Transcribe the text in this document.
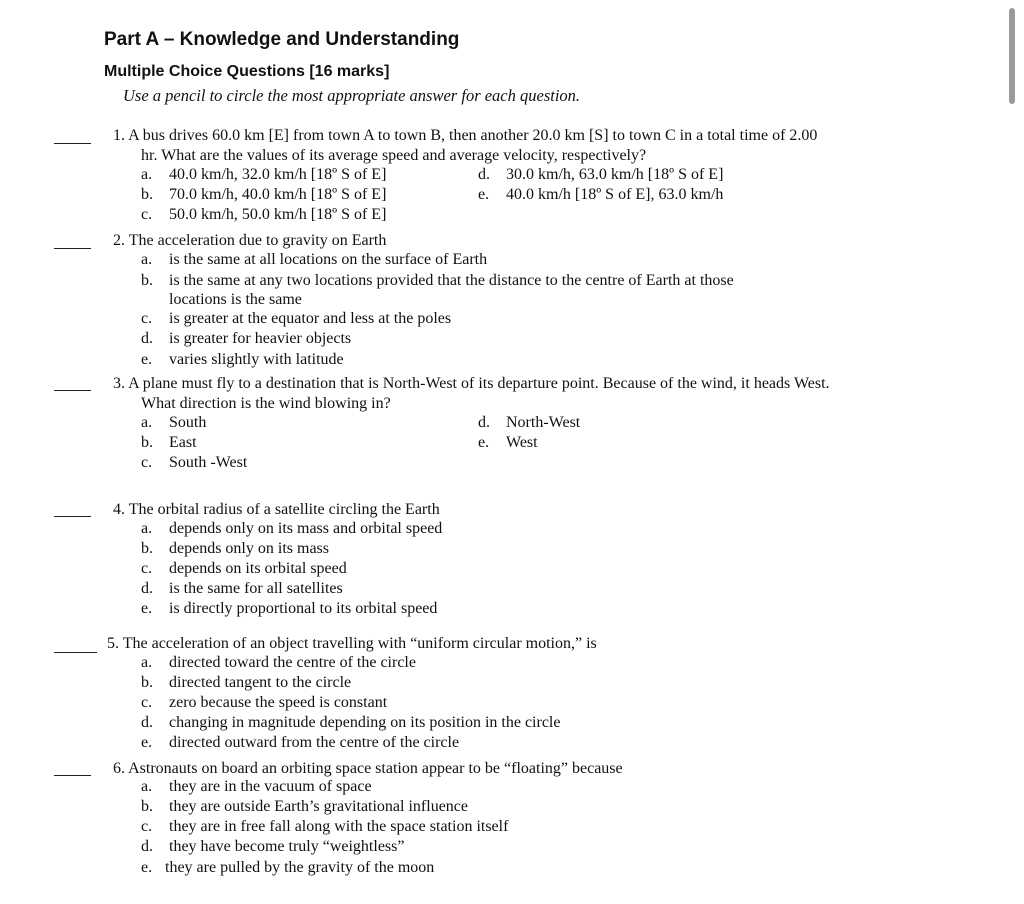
Part A – Knowledge and Understanding
Multiple Choice Questions [16 marks]
Use a pencil to circle the most appropriate answer for each question.
1. A bus drives 60.0 km [E] from town A to town B, then another 20.0 km [S] to town C in a total time of 2.00
hr. What are the values of its average speed and average velocity, respectively?
a. 40.0 km/h, 32.0 km/h [18º S of E]
b. 70.0 km/h, 40.0 km/h [18º S of E]
c. 50.0 km/h, 50.0 km/h [18º S of E]
d. 30.0 km/h, 63.0 km/h [18º S of E]
e. 40.0 km/h [18º S of E], 63.0 km/h
2. The acceleration due to gravity on Earth
a. is the same at all locations on the surface of Earth
b. is the same at any two locations provided that the distance to the centre of Earth at those
locations is the same
c. is greater at the equator and less at the poles
d. is greater for heavier objects
e. varies slightly with latitude
3. A plane must fly to a destination that is North-West of its departure point. Because of the wind, it heads West.
What direction is the wind blowing in?
a. South
b. East
c. South -West
d. North-West
e. West
4. The orbital radius of a satellite circling the Earth
a. depends only on its mass and orbital speed
b. depends only on its mass
c. depends on its orbital speed
d. is the same for all satellites
e. is directly proportional to its orbital speed
5. The acceleration of an object travelling with “uniform circular motion,” is
a. directed toward the centre of the circle
b. directed tangent to the circle
c. zero because the speed is constant
d. changing in magnitude depending on its position in the circle
e. directed outward from the centre of the circle
6. Astronauts on board an orbiting space station appear to be “floating” because
a. they are in the vacuum of space
b. they are outside Earth’s gravitational influence
c. they are in free fall along with the space station itself
d. they have become truly “weightless”
e. they are pulled by the gravity of the moon
